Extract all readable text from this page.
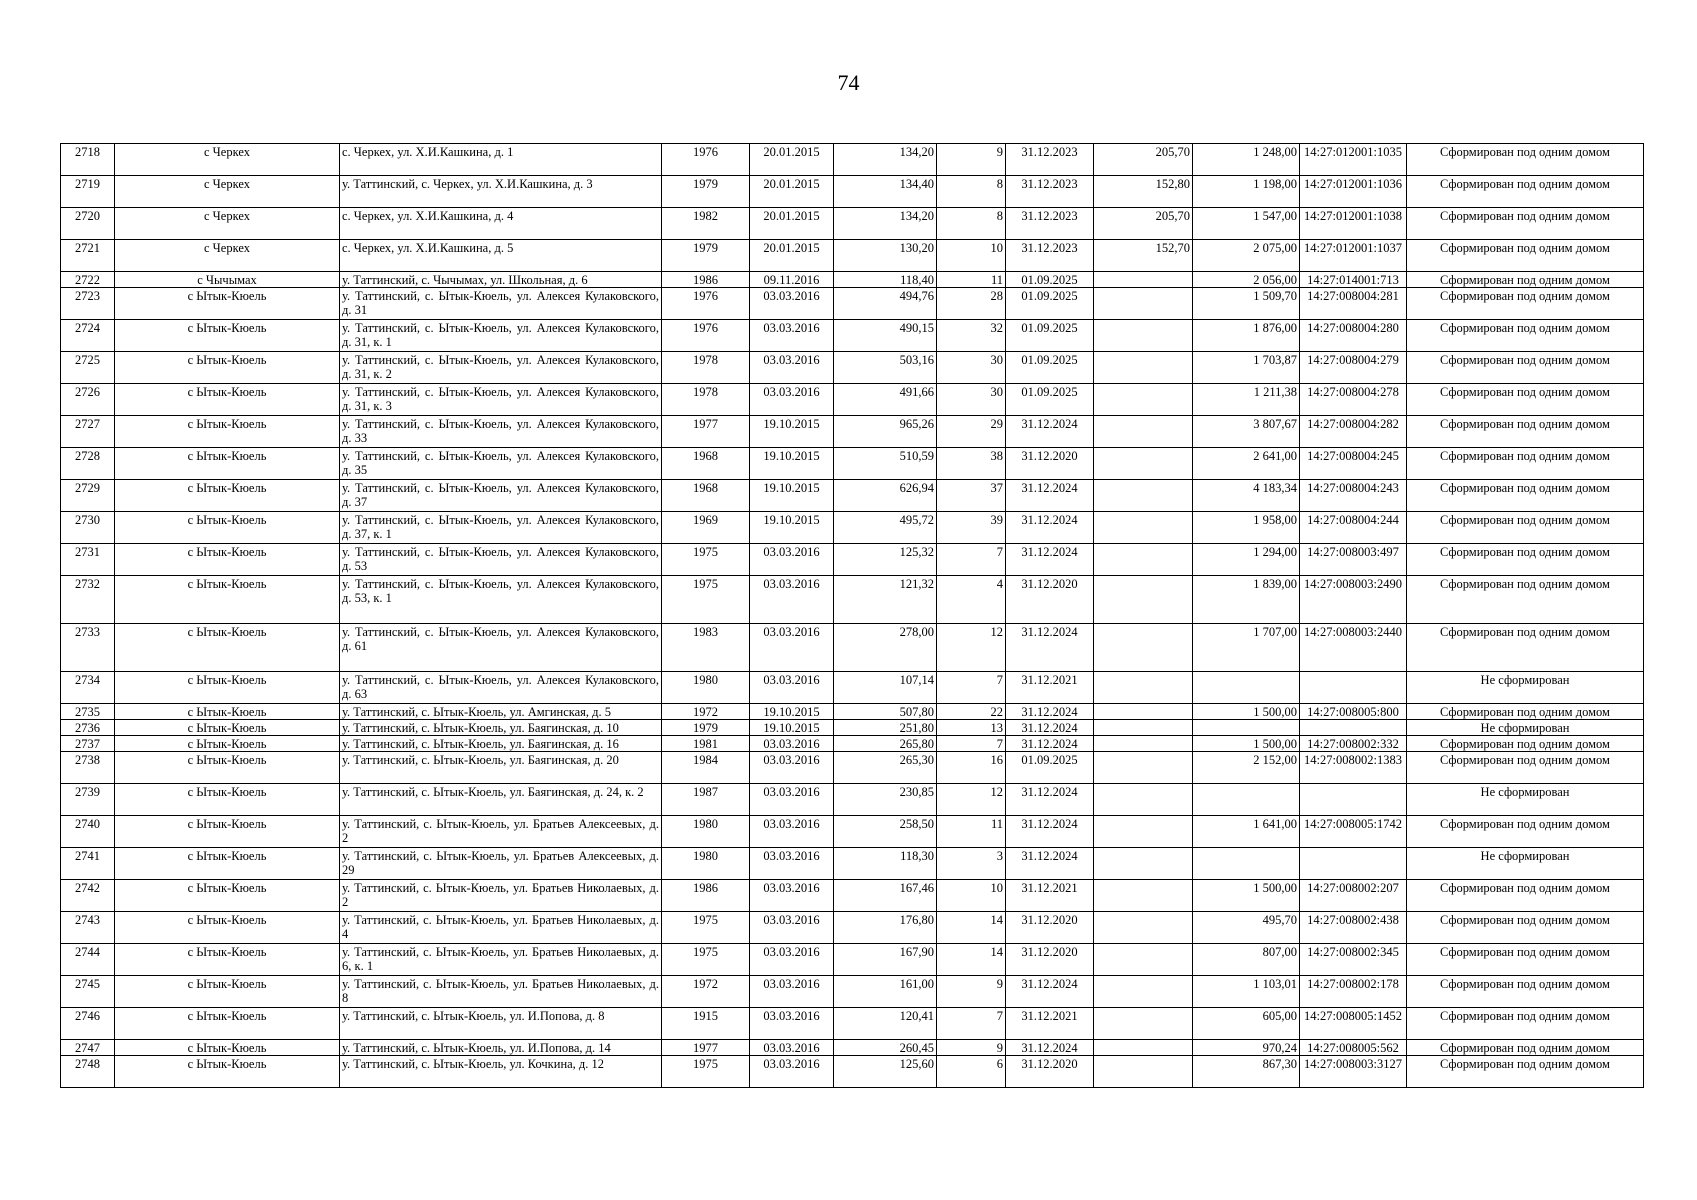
74
2718	с Черкех	с. Черкех, ул. Х.И.Кашкина, д. 1	1976	20.01.2015	134,20	9	31.12.2023	205,70	1 248,00	14:27:012001:1035	Сформирован под одним домом
2719	с Черкех	у. Таттинский, с. Черкех, ул. Х.И.Кашкина, д. 3	1979	20.01.2015	134,40	8	31.12.2023	152,80	1 198,00	14:27:012001:1036	Сформирован под одним домом
2720	с Черкех	с. Черкех, ул. Х.И.Кашкина, д. 4	1982	20.01.2015	134,20	8	31.12.2023	205,70	1 547,00	14:27:012001:1038	Сформирован под одним домом
2721	с Черкех	с. Черкех, ул. Х.И.Кашкина, д. 5	1979	20.01.2015	130,20	10	31.12.2023	152,70	2 075,00	14:27:012001:1037	Сформирован под одним домом
2722	с Чычымах	у. Таттинский, с. Чычымах, ул. Школьная, д. 6	1986	09.11.2016	118,40	11	01.09.2025		2 056,00	14:27:014001:713	Сформирован под одним домом
2723	с Ытык-Кюель	у. Таттинский, с. Ытык-Кюель, ул. Алексея Кулаковского, д. 31	1976	03.03.2016	494,76	28	01.09.2025		1 509,70	14:27:008004:281	Сформирован под одним домом
2724	с Ытык-Кюель	у. Таттинский, с. Ытык-Кюель, ул. Алексея Кулаковского, д. 31, к. 1	1976	03.03.2016	490,15	32	01.09.2025		1 876,00	14:27:008004:280	Сформирован под одним домом
2725	с Ытык-Кюель	у. Таттинский, с. Ытык-Кюель, ул. Алексея Кулаковского, д. 31, к. 2	1978	03.03.2016	503,16	30	01.09.2025		1 703,87	14:27:008004:279	Сформирован под одним домом
2726	с Ытык-Кюель	у. Таттинский, с. Ытык-Кюель, ул. Алексея Кулаковского, д. 31, к. 3	1978	03.03.2016	491,66	30	01.09.2025		1 211,38	14:27:008004:278	Сформирован под одним домом
2727	с Ытык-Кюель	у. Таттинский, с. Ытык-Кюель, ул. Алексея Кулаковского, д. 33	1977	19.10.2015	965,26	29	31.12.2024		3 807,67	14:27:008004:282	Сформирован под одним домом
2728	с Ытык-Кюель	у. Таттинский, с. Ытык-Кюель, ул. Алексея Кулаковского, д. 35	1968	19.10.2015	510,59	38	31.12.2020		2 641,00	14:27:008004:245	Сформирован под одним домом
2729	с Ытык-Кюель	у. Таттинский, с. Ытык-Кюель, ул. Алексея Кулаковского, д. 37	1968	19.10.2015	626,94	37	31.12.2024		4 183,34	14:27:008004:243	Сформирован под одним домом
2730	с Ытык-Кюель	у. Таттинский, с. Ытык-Кюель, ул. Алексея Кулаковского, д. 37, к. 1	1969	19.10.2015	495,72	39	31.12.2024		1 958,00	14:27:008004:244	Сформирован под одним домом
2731	с Ытык-Кюель	у. Таттинский, с. Ытык-Кюель, ул. Алексея Кулаковского, д. 53	1975	03.03.2016	125,32	7	31.12.2024		1 294,00	14:27:008003:497	Сформирован под одним домом
2732	с Ытык-Кюель	у. Таттинский, с. Ытык-Кюель, ул. Алексея Кулаковского, д. 53, к. 1	1975	03.03.2016	121,32	4	31.12.2020		1 839,00	14:27:008003:2490	Сформирован под одним домом
2733	с Ытык-Кюель	у. Таттинский, с. Ытык-Кюель, ул. Алексея Кулаковского, д. 61	1983	03.03.2016	278,00	12	31.12.2024		1 707,00	14:27:008003:2440	Сформирован под одним домом
2734	с Ытык-Кюель	у. Таттинский, с. Ытык-Кюель, ул. Алексея Кулаковского, д. 63	1980	03.03.2016	107,14	7	31.12.2021				Не сформирован
2735	с Ытык-Кюель	у. Таттинский, с. Ытык-Кюель, ул. Амгинская, д. 5	1972	19.10.2015	507,80	22	31.12.2024		1 500,00	14:27:008005:800	Сформирован под одним домом
2736	с Ытык-Кюель	у. Таттинский, с. Ытык-Кюель, ул. Баягинская, д. 10	1979	19.10.2015	251,80	13	31.12.2024				Не сформирован
2737	с Ытык-Кюель	у. Таттинский, с. Ытык-Кюель, ул. Баягинская, д. 16	1981	03.03.2016	265,80	7	31.12.2024		1 500,00	14:27:008002:332	Сформирован под одним домом
2738	с Ытык-Кюель	у. Таттинский, с. Ытык-Кюель, ул. Баягинская, д. 20	1984	03.03.2016	265,30	16	01.09.2025		2 152,00	14:27:008002:1383	Сформирован под одним домом
2739	с Ытык-Кюель	у. Таттинский, с. Ытык-Кюель, ул. Баягинская, д. 24, к. 2	1987	03.03.2016	230,85	12	31.12.2024				Не сформирован
2740	с Ытык-Кюель	у. Таттинский, с. Ытык-Кюель, ул. Братьев Алексеевых, д. 2	1980	03.03.2016	258,50	11	31.12.2024		1 641,00	14:27:008005:1742	Сформирован под одним домом
2741	с Ытык-Кюель	у. Таттинский, с. Ытык-Кюель, ул. Братьев Алексеевых, д. 29	1980	03.03.2016	118,30	3	31.12.2024				Не сформирован
2742	с Ытык-Кюель	у. Таттинский, с. Ытык-Кюель, ул. Братьев Николаевых, д. 2	1986	03.03.2016	167,46	10	31.12.2021		1 500,00	14:27:008002:207	Сформирован под одним домом
2743	с Ытык-Кюель	у. Таттинский, с. Ытык-Кюель, ул. Братьев Николаевых, д. 4	1975	03.03.2016	176,80	14	31.12.2020		495,70	14:27:008002:438	Сформирован под одним домом
2744	с Ытык-Кюель	у. Таттинский, с. Ытык-Кюель, ул. Братьев Николаевых, д. 6, к. 1	1975	03.03.2016	167,90	14	31.12.2020		807,00	14:27:008002:345	Сформирован под одним домом
2745	с Ытык-Кюель	у. Таттинский, с. Ытык-Кюель, ул. Братьев Николаевых, д. 8	1972	03.03.2016	161,00	9	31.12.2024		1 103,01	14:27:008002:178	Сформирован под одним домом
2746	с Ытык-Кюель	у. Таттинский, с. Ытык-Кюель, ул. И.Попова, д. 8	1915	03.03.2016	120,41	7	31.12.2021		605,00	14:27:008005:1452	Сформирован под одним домом
2747	с Ытык-Кюель	у. Таттинский, с. Ытык-Кюель, ул. И.Попова, д. 14	1977	03.03.2016	260,45	9	31.12.2024		970,24	14:27:008005:562	Сформирован под одним домом
2748	с Ытык-Кюель	у. Таттинский, с. Ытык-Кюель, ул. Кочкина, д. 12	1975	03.03.2016	125,60	6	31.12.2020		867,30	14:27:008003:3127	Сформирован под одним домом
